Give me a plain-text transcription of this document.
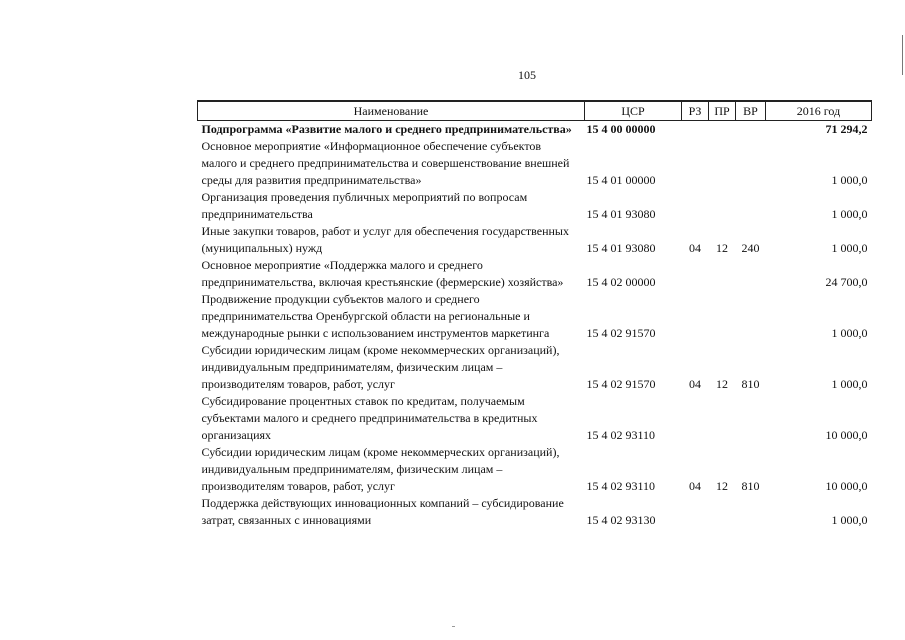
105
Наименование	ЦСР	РЗ	ПР	ВР	2016 год
Подпрограмма «Развитие малого и среднего предпринимательства»	15 4 00 00000				71 294,2
Основное мероприятие «Информационное обеспечение субъектов малого и среднего предпринимательства и совершенствование внешней среды для развития предпринимательства»	15 4 01 00000				1 000,0
Организация проведения публичных мероприятий по вопросам предпринимательства	15 4 01 93080				1 000,0
Иные закупки товаров, работ и услуг для обеспечения государственных (муниципальных) нужд	15 4 01 93080	04	12	240	1 000,0
Основное мероприятие «Поддержка малого и среднего предпринимательства, включая крестьянские (фермерские) хозяйства»	15 4 02 00000				24 700,0
Продвижение продукции субъектов малого и среднего предпринимательства Оренбургской области на региональные и международные рынки с использованием инструментов маркетинга	15 4 02 91570				1 000,0
Субсидии юридическим лицам (кроме некоммерческих организаций), индивидуальным предпринимателям, физическим лицам – производителям товаров, работ, услуг	15 4 02 91570	04	12	810	1 000,0
Субсидирование процентных ставок по кредитам, получаемым субъектами малого и среднего предпринимательства в кредитных организациях	15 4 02 93110				10 000,0
Субсидии юридическим лицам (кроме некоммерческих организаций), индивидуальным предпринимателям, физическим лицам – производителям товаров, работ, услуг	15 4 02 93110	04	12	810	10 000,0
Поддержка действующих инновационных компаний – субсидирование затрат, связанных с инновациями	15 4 02 93130				1 000,0
